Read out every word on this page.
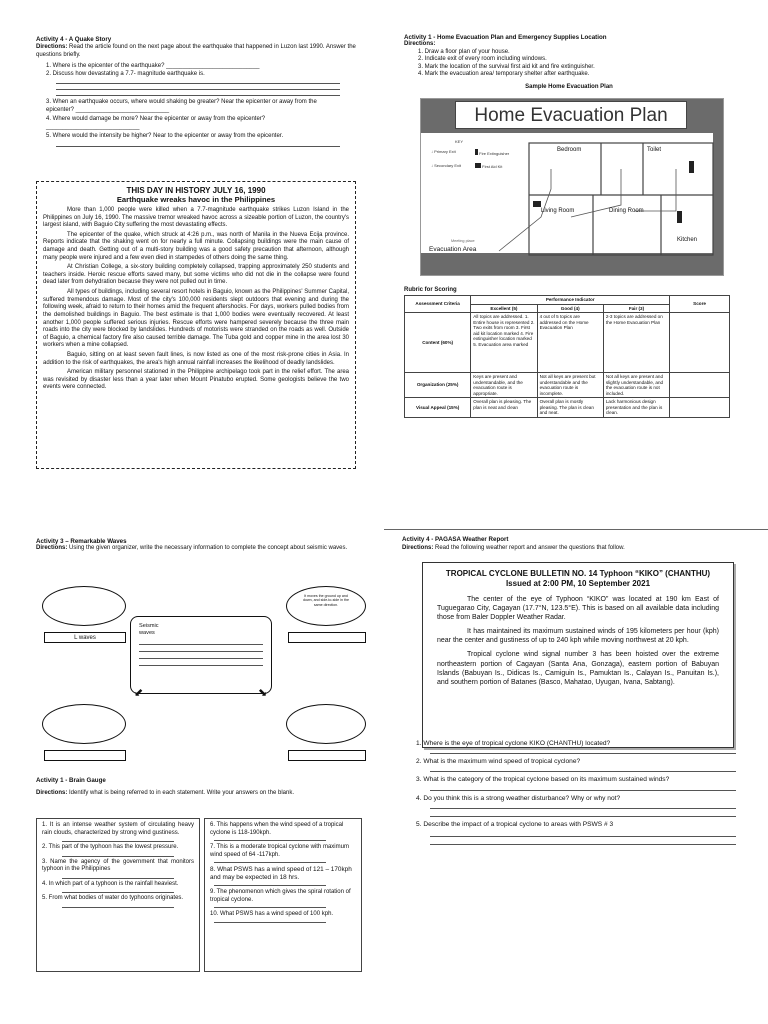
Activity 4 - A Quake Story
Directions: Read the article found on the next page about the earthquake that happened in Luzon last 1990. Answer the questions briefly.
1. Where is the epicenter of the earthquake? ____________________________
2. Discuss how devastating a 7.7- magnitude earthquake is.
3. When an earthquake occurs, where would shaking be greater? Near the epicenter or away from the epicenter? ____________________________
4. Where would damage be more? Near the epicenter or away from the epicenter? ____________________________
5. Where would the intensity be higher? Near to the epicenter or away from the epicenter.
THIS DAY IN HISTORY JULY 16, 1990
Earthquake wreaks havoc in the Philippines

More than 1,000 people were killed when a 7.7-magnitude earthquake strikes Luzon Island in the Philippines on July 16, 1990. The massive tremor wreaked havoc across a sizeable portion of Luzon, the country's largest island, with Baguio City suffering the most devastating effects.

The epicenter of the quake, which struck at 4:26 p.m., was north of Manila in the Nueva Ecija province. Reports indicate that the shaking went on for nearly a full minute. Collapsing buildings were the main cause of damage and death. Getting out of a multi-story building was a good safety precaution that afternoon, although many people were injured and a few even died in stampedes of others doing the same thing.

At Christian College, a six-story building completely collapsed, trapping approximately 250 students and teachers inside. Heroic rescue efforts saved many, but some victims who did not die in the collapse were found dead later from dehydration because they were not pulled out in time.

All types of buildings, including several resort hotels in Baguio, known as the Philippines' Summer Capital, suffered tremendous damage. Most of the city's 100,000 residents slept outdoors that evening and during the following week, afraid to return to their homes amid the frequent aftershocks. For days, workers pulled bodies from the demolished buildings in Baguio. The best estimate is that 1,000 bodies were eventually recovered. At least another 1,000 people suffered serious injuries. Rescue efforts were hampered severely because the three main roads into the city were blocked by landslides. Hundreds of motorists were stranded on the roads as well. Outside of Baguio, a chemical factory fire also caused terrible damage. The Tuba gold and copper mine in the area lost 30 workers when a mine collapsed.

Baguio, sitting on at least seven fault lines, is now listed as one of the most risk-prone cities in Asia. In addition to the risk of earthquakes, the area's high annual rainfall increases the likelihood of deadly landslides.

American military personnel stationed in the Philippine archipelago took part in the relief effort. The area was revisited by disaster less than a year later when Mount Pinatubo erupted. Some geologists believe the two events were connected.

Activity 1 - Home Evacuation Plan and Emergency Supplies Location
Directions:
1. Draw a floor plan of your house.
2. Indicate exit of every room including windows.
3. Mark the location of the survival first aid kit and fire extinguisher.
4. Mark the evacuation area/ temporary shelter after earthquake.
Sample Home Evacuation Plan
Home Evacuation Plan
KEY
↓ Primary Exit	Fire Extinguisher
↓ Secondary Exit	First Aid Kit
Bedroom	Toilet
Living Room	Dining Room
Kitchen
Meeting place
Evacuation Area
Rubric for Scoring
Assessment Criteria	Performance Indicator			Score
	Excellent (5)	Good (4)	Fair (3)	
Content (60%)	All topics are addressed. 1. Entire house is represented 2. Two exits from room 3. First aid kit location marked 4. Fire extinguisher location marked 5. Evacuation area marked	4 out of 5 topics are addressed on the Home Evacuation Plan	2-3 topics are addressed on the Home Evacuation Plan	
Organization (25%)	Keys are present and understandable, and the evacuation route is appropriate.	Not all keys are present but understandable and the evacuation route is incomplete.	Not all keys are present and slightly understandable, and the evacuation route is not included.	
Visual Appeal (15%)	Overall plan is pleasing. The plan is neat and clean	Overall plan is mostly pleasing. The plan is clean and neat.	Lack harmonious design presentation and the plan is clean.	
Activity 3 – Remarkable Waves
Directions: Using the given organizer, write the necessary information to complete the concept about seismic waves.
L waves
It moves the ground up and down, and side-to-side in the same direction.
Seismic waves
⬋	⬊
Activity 1 - Brain Gauge
Directions: Identify what is being referred to in each statement. Write your answers on the blank.
1. It is an intense weather system of circulating heavy rain clouds, characterized by strong wind gustiness.
2. This part of the typhoon has the lowest pressure.
3. Name the agency of the government that monitors typhoon in the Philippines
4. In which part of a typhoon is the rainfall heaviest.
5. From what bodies of water do typhoons originates.
6. This happens when the wind speed of a tropical cyclone is 118-190kph.
7. This is a moderate tropical cyclone with maximum wind speed of 64 -117kph.
8. What PSWS has a wind speed of 121 – 170kph and may be expected in 18 hrs.
9. The phenomenon which gives the spiral rotation of tropical cyclone.
10. What PSWS has a wind speed of 100 kph.
Activity 4 - PAGASA Weather Report
Directions: Read the following weather report and answer the questions that follow.
TROPICAL CYCLONE BULLETIN NO. 14 Typhoon “KIKO” (CHANTHU)
Issued at 2:00 PM, 10 September 2021

The center of the eye of Typhoon “KIKO” was located at 190 km East of Tuguegarao City, Cagayan (17.7°N, 123.5°E). This is based on all available data including those from Baler Doppler Weather Radar.

It has maintained its maximum sustained winds of 195 kilometers per hour (kph) near the center and gustiness of up to 240 kph while moving northwest at 20 kph.

Tropical cyclone wind signal number 3 has been hoisted over the extreme northeastern portion of Cagayan (Santa Ana, Gonzaga), eastern portion of Babuyan Islands (Babuyan Is., Didicas Is., Camiguin Is., Pamuktan Is., Calayan Is., Panuitan Is.), and southern portion of Batanes (Basco, Mahatao, Uyugan, Ivana, Sabtang).

1. Where is the eye of tropical cyclone KIKO (CHANTHU) located?
2. What is the maximum wind speed of tropical cyclone?
3. What is the category of the tropical cyclone based on its maximum sustained winds?
4. Do you think this is a strong weather disturbance? Why or why not?
5. Describe the impact of a tropical cyclone to areas with PSWS # 3
